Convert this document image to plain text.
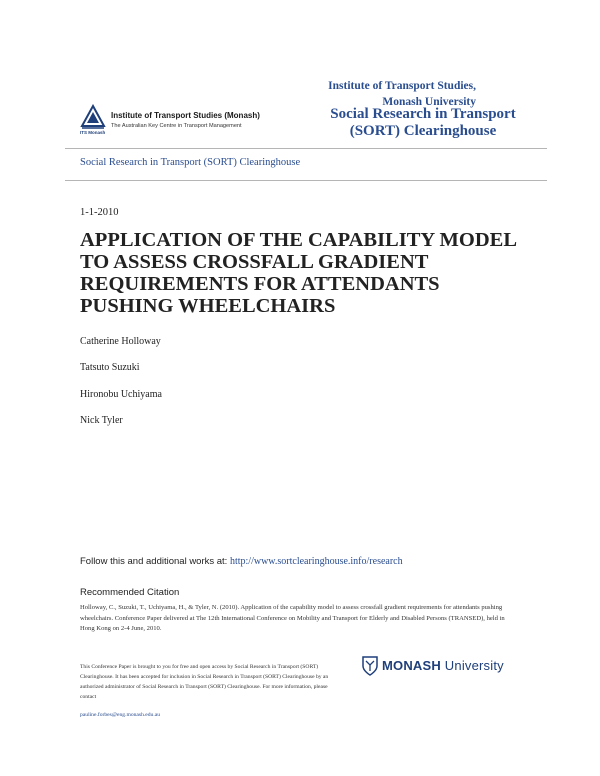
ITS Monash
Institute of Transport Studies (Monash)
The Australian Key Centre in Transport Management
Institute of Transport Studies,
Monash University
Social Research in Transport (SORT) Clearinghouse
Social Research in Transport (SORT) Clearinghouse
1-1-2010
APPLICATION OF THE CAPABILITY MODEL TO ASSESS CROSSFALL GRADIENT REQUIREMENTS FOR ATTENDANTS PUSHING WHEELCHAIRS
Catherine Holloway
Tatsuto Suzuki
Hironobu Uchiyama
Nick Tyler
Follow this and additional works at: http://www.sortclearinghouse.info/research
Recommended Citation
Holloway, C., Suzuki, T., Uchiyama, H., & Tyler, N. (2010). Application of the capability model to assess crossfall gradient requirements for attendants pushing wheelchairs. Conference Paper delivered at The 12th International Conference on Mobility and Transport for Elderly and Disabled Persons (TRANSED), held in Hong Kong on 2-4 June, 2010.
This Conference Paper is brought to you for free and open access by Social Research in Transport (SORT) Clearinghouse. It has been accepted for inclusion in Social Research in Transport (SORT) Clearinghouse by an authorized administrator of Social Research in Transport (SORT) Clearinghouse. For more information, please contact
pauline.forbes@eng.monash.edu.au
MONASH University
